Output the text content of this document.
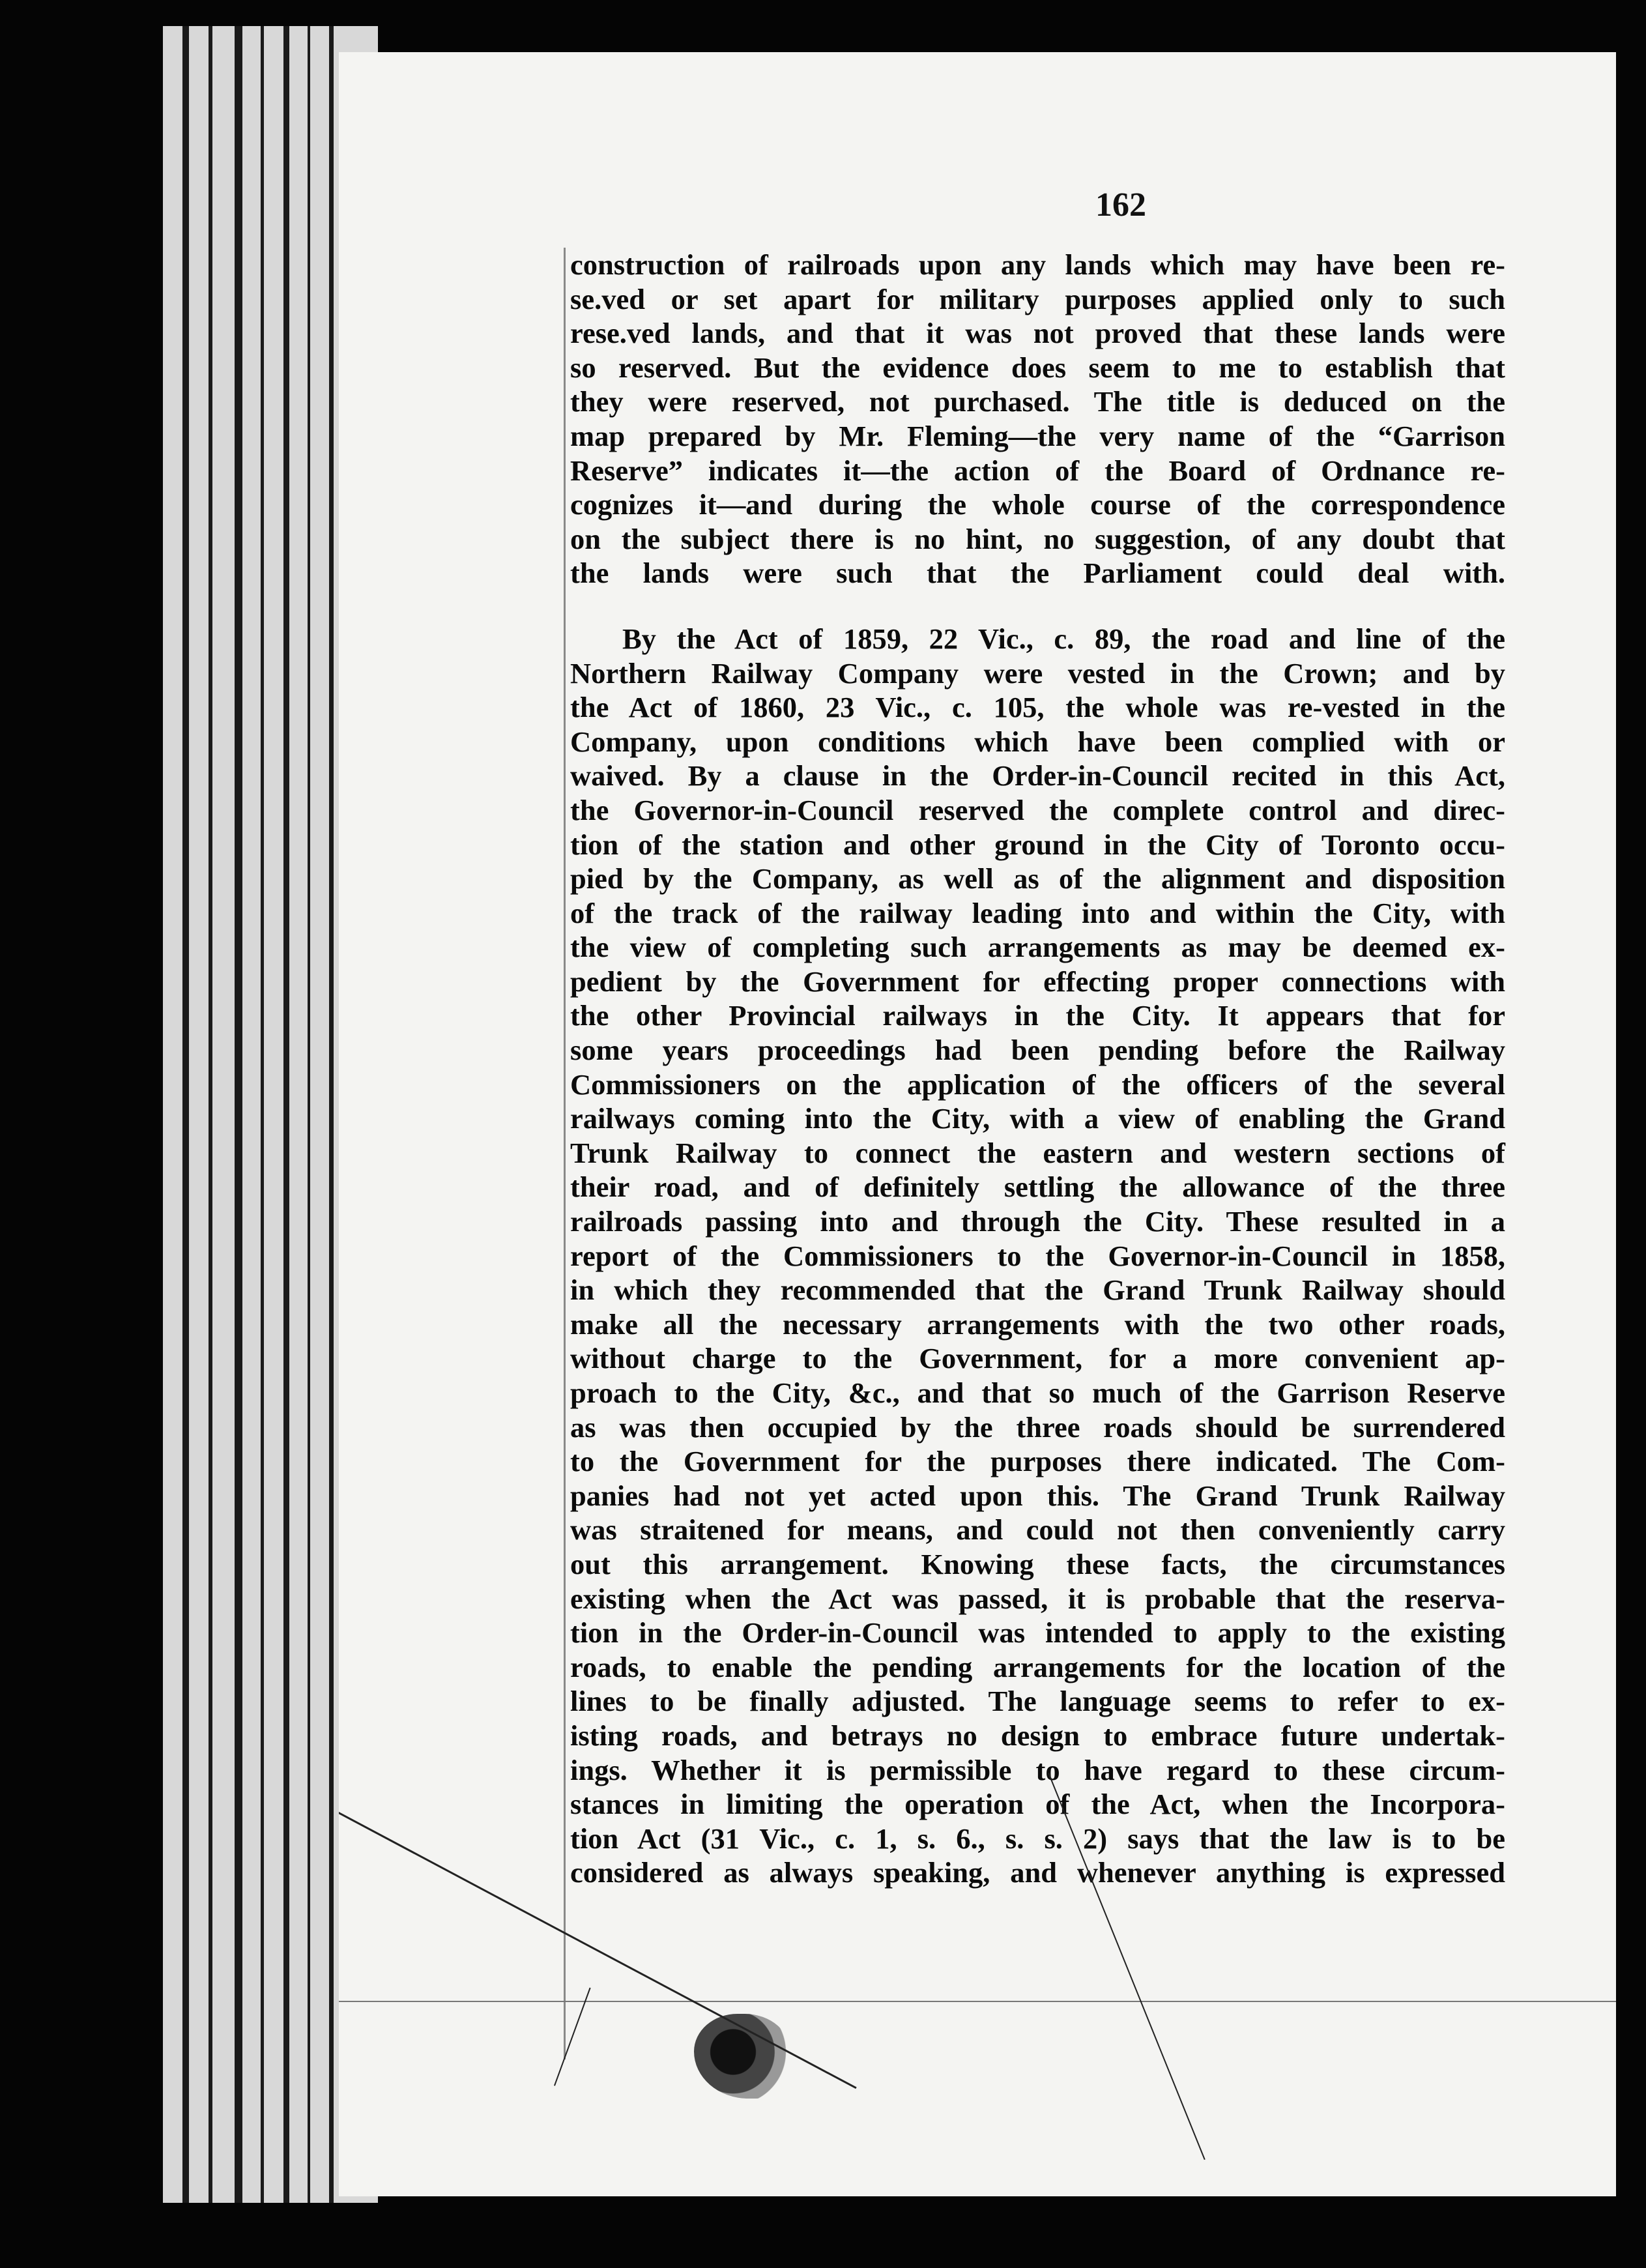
162

construction of railroads upon any lands which may have been re-
se.ved or set apart for military purposes applied only to such
rese.ved lands, and that it was not proved that these lands were
so reserved. But the evidence does seem to me to establish that
they were reserved, not purchased. The title is deduced on the
map prepared by Mr. Fleming—the very name of the “Garrison
Reserve” indicates it—the action of the Board of Ordnance re-
cognizes it—and during the whole course of the correspondence
on the subject there is no hint, no suggestion, of any doubt that
the lands were such that the Parliament could deal with.

By the Act of 1859, 22 Vic., c. 89, the road and line of the
Northern Railway Company were vested in the Crown; and by
the Act of 1860, 23 Vic., c. 105, the whole was re-vested in the
Company, upon conditions which have been complied with or
waived. By a clause in the Order-in-Council recited in this Act,
the Governor-in-Council reserved the complete control and direc-
tion of the station and other ground in the City of Toronto occu-
pied by the Company, as well as of the alignment and disposition
of the track of the railway leading into and within the City, with
the view of completing such arrangements as may be deemed ex-
pedient by the Government for effecting proper connections with
the other Provincial railways in the City. It appears that for
some years proceedings had been pending before the Railway
Commissioners on the application of the officers of the several
railways coming into the City, with a view of enabling the Grand
Trunk Railway to connect the eastern and western sections of
their road, and of definitely settling the allowance of the three
railroads passing into and through the City. These resulted in a
report of the Commissioners to the Governor-in-Council in 1858,
in which they recommended that the Grand Trunk Railway should
make all the necessary arrangements with the two other roads,
without charge to the Government, for a more convenient ap-
proach to the City, &c., and that so much of the Garrison Reserve
as was then occupied by the three roads should be surrendered
to the Government for the purposes there indicated. The Com-
panies had not yet acted upon this. The Grand Trunk Railway
was straitened for means, and could not then conveniently carry
out this arrangement. Knowing these facts, the circumstances
existing when the Act was passed, it is probable that the reserva-
tion in the Order-in-Council was intended to apply to the existing
roads, to enable the pending arrangements for the location of the
lines to be finally adjusted. The language seems to refer to ex-
isting roads, and betrays no design to embrace future undertak-
ings. Whether it is permissible to have regard to these circum-
stances in limiting the operation of the Act, when the Incorpora-
tion Act (31 Vic., c. 1, s. 6., s. s. 2) says that the law is to be
considered as always speaking, and whenever anything is expressed
